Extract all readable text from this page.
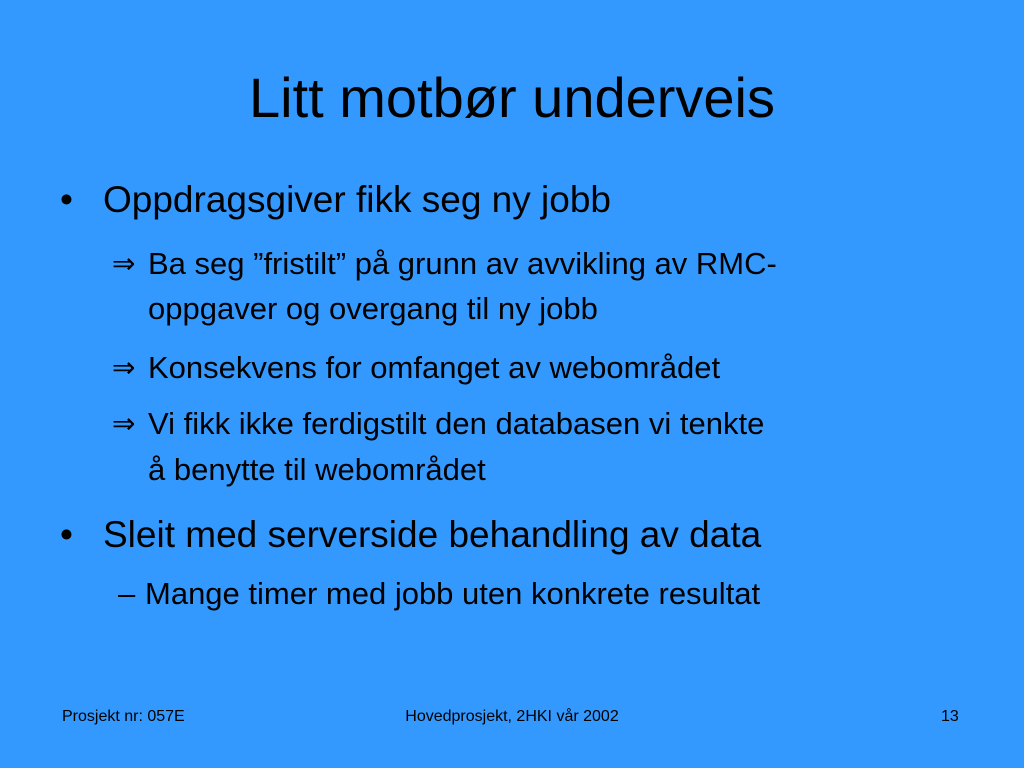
Litt motbør underveis
• Oppdragsgiver fikk seg ny jobb
⇒ Ba seg ”fristilt” på grunn av avvikling av RMC-
oppgaver og overgang til ny jobb
⇒ Konsekvens for omfanget av webområdet
⇒ Vi fikk ikke ferdigstilt den databasen vi tenkte
å benytte til webområdet
• Sleit med serverside behandling av data
– Mange timer med jobb uten konkrete resultat
Prosjekt nr: 057E	Hovedprosjekt, 2HKI vår 2002	13
